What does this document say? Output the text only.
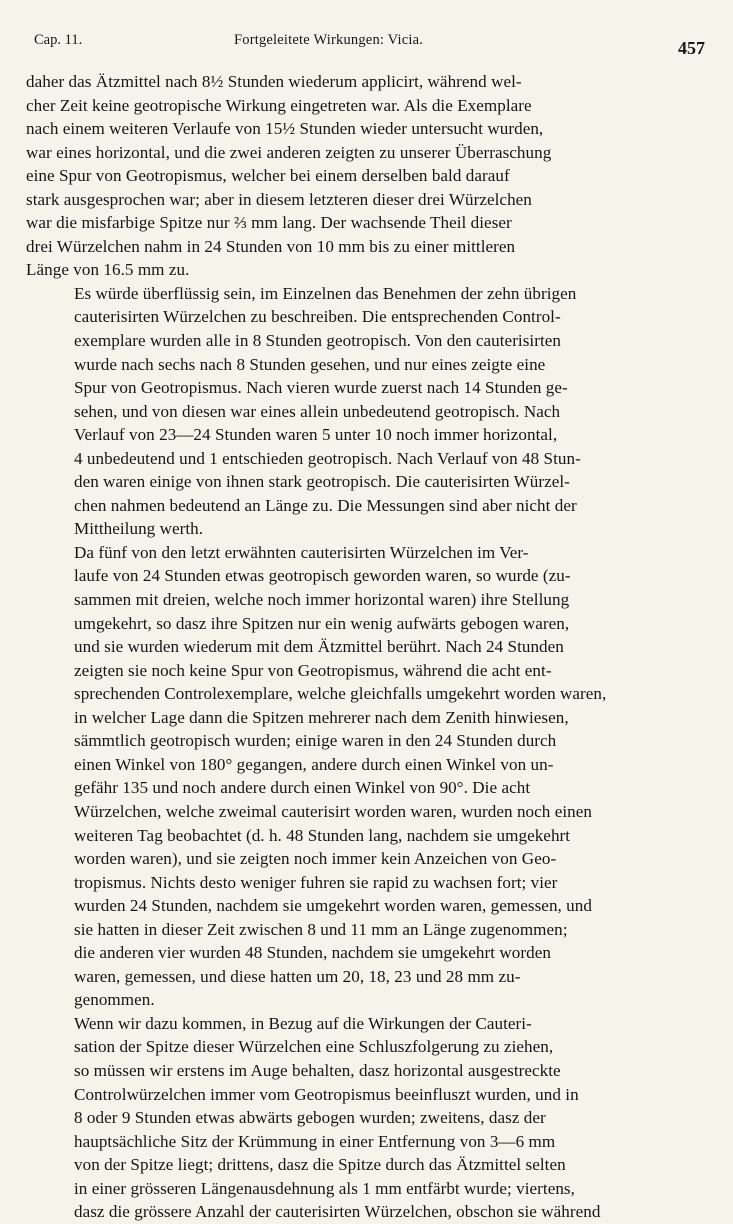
Cap. 11.	Fortgeleitete Wirkungen: Vicia.	457

daher das Ätzmittel nach 8½ Stunden wiederum applicirt, während wel-
cher Zeit keine geotropische Wirkung eingetreten war. Als die Exemplare
nach einem weiteren Verlaufe von 15½ Stunden wieder untersucht wurden,
war eines horizontal, und die zwei anderen zeigten zu unserer Überraschung
eine Spur von Geotropismus, welcher bei einem derselben bald darauf
stark ausgesprochen war; aber in diesem letzteren dieser drei Würzelchen
war die misfarbige Spitze nur ⅔ mm lang. Der wachsende Theil dieser
drei Würzelchen nahm in 24 Stunden von 10 mm bis zu einer mittleren
Länge von 16.5 mm zu.

Es würde überflüssig sein, im Einzelnen das Benehmen der zehn übrigen
cauterisirten Würzelchen zu beschreiben. Die entsprechenden Control-
exemplare wurden alle in 8 Stunden geotropisch. Von den cauterisirten
wurde nach sechs nach 8 Stunden gesehen, und nur eines zeigte eine
Spur von Geotropismus. Nach vieren wurde zuerst nach 14 Stunden ge-
sehen, und von diesen war eines allein unbedeutend geotropisch. Nach
Verlauf von 23—24 Stunden waren 5 unter 10 noch immer horizontal,
4 unbedeutend und 1 entschieden geotropisch. Nach Verlauf von 48 Stun-
den waren einige von ihnen stark geotropisch. Die cauterisirten Würzel-
chen nahmen bedeutend an Länge zu. Die Messungen sind aber nicht der
Mittheilung werth.

Da fünf von den letzt erwähnten cauterisirten Würzelchen im Ver-
laufe von 24 Stunden etwas geotropisch geworden waren, so wurde (zu-
sammen mit dreien, welche noch immer horizontal waren) ihre Stellung
umgekehrt, so dasz ihre Spitzen nur ein wenig aufwärts gebogen waren,
und sie wurden wiederum mit dem Ätzmittel berührt. Nach 24 Stunden
zeigten sie noch keine Spur von Geotropismus, während die acht ent-
sprechenden Controlexemplare, welche gleichfalls umgekehrt worden waren,
in welcher Lage dann die Spitzen mehrerer nach dem Zenith hinwiesen,
sämmtlich geotropisch wurden; einige waren in den 24 Stunden durch
einen Winkel von 180° gegangen, andere durch einen Winkel von un-
gefähr 135 und noch andere durch einen Winkel von 90°. Die acht
Würzelchen, welche zweimal cauterisirt worden waren, wurden noch einen
weiteren Tag beobachtet (d. h. 48 Stunden lang, nachdem sie umgekehrt
worden waren), und sie zeigten noch immer kein Anzeichen von Geo-
tropismus. Nichts desto weniger fuhren sie rapid zu wachsen fort; vier
wurden 24 Stunden, nachdem sie umgekehrt worden waren, gemessen, und
sie hatten in dieser Zeit zwischen 8 und 11 mm an Länge zugenommen;
die anderen vier wurden 48 Stunden, nachdem sie umgekehrt worden
waren, gemessen, und diese hatten um 20, 18, 23 und 28 mm zu-
genommen.

Wenn wir dazu kommen, in Bezug auf die Wirkungen der Cauteri-
sation der Spitze dieser Würzelchen eine Schluszfolgerung zu ziehen,
so müssen wir erstens im Auge behalten, dasz horizontal ausgestreckte
Controlwürzelchen immer vom Geotropismus beeinfluszt wurden, und in
8 oder 9 Stunden etwas abwärts gebogen wurden; zweitens, dasz der
hauptsächliche Sitz der Krümmung in einer Entfernung von 3—6 mm
von der Spitze liegt; drittens, dasz die Spitze durch das Ätzmittel selten
in einer grösseren Längenausdehnung als 1 mm entfärbt wurde; viertens,
dasz die grössere Anzahl der cauterisirten Würzelchen, obschon sie während
